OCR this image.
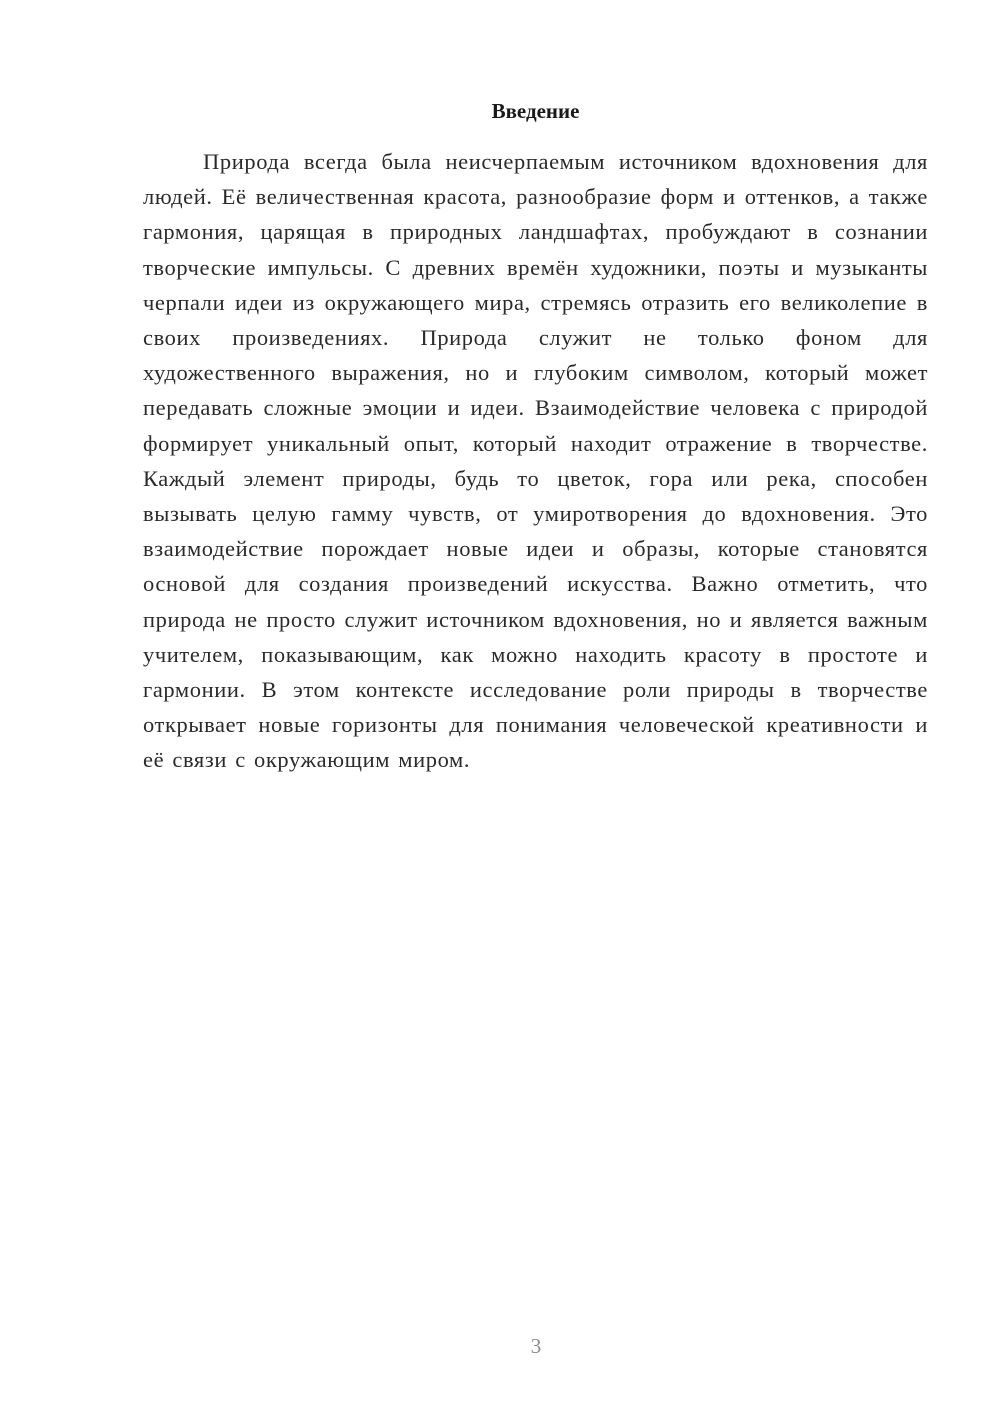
Введение

Природа всегда была неисчерпаемым источником вдохновения для людей. Её величественная красота, разнообразие форм и оттенков, а также гармония, царящая в природных ландшафтах, пробуждают в сознании творческие импульсы. С древних времён художники, поэты и музыканты черпали идеи из окружающего мира, стремясь отразить его великолепие в своих произведениях. Природа служит не только фоном для художественного выражения, но и глубоким символом, который может передавать сложные эмоции и идеи. Взаимодействие человека с природой формирует уникальный опыт, который находит отражение в творчестве. Каждый элемент природы, будь то цветок, гора или река, способен вызывать целую гамму чувств, от умиротворения до вдохновения. Это взаимодействие порождает новые идеи и образы, которые становятся основой для создания произведений искусства. Важно отметить, что природа не просто служит источником вдохновения, но и является важным учителем, показывающим, как можно находить красоту в простоте и гармонии. В этом контексте исследование роли природы в творчестве открывает новые горизонты для понимания человеческой креативности и её связи с окружающим миром.

3
